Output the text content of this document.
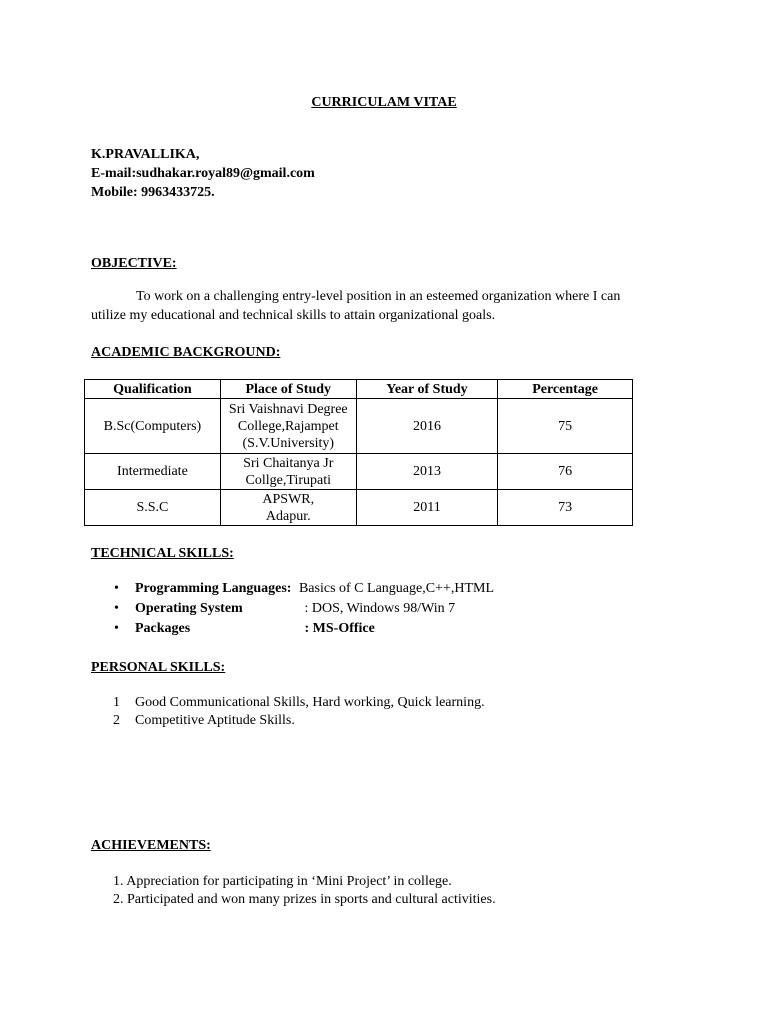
CURRICULAM VITAE
K.PRAVALLIKA,
E-mail:sudhakar.royal89@gmail.com
Mobile: 9963433725.
OBJECTIVE:
To work on a challenging entry-level position in an esteemed organization where I can
utilize my educational and technical skills to attain organizational goals.
ACADEMIC BACKGROUND:
Qualification	Place of Study	Year of Study	Percentage
B.Sc(Computers)	Sri Vaishnavi Degree
College,Rajampet
(S.V.University)	2016	75
Intermediate	Sri Chaitanya Jr
Collge,Tirupati	2013	76
S.S.C	APSWR,
Adapur.	2011	73
TECHNICAL SKILLS:
• Programming Languages: Basics of C Language,C++,HTML
• Operating System	: DOS, Windows 98/Win 7
• Packages	: MS-Office
PERSONAL SKILLS:
1 Good Communicational Skills, Hard working, Quick learning.
2 Competitive Aptitude Skills.
ACHIEVEMENTS:
1. Appreciation for participating in ‘Mini Project’ in college.
2. Participated and won many prizes in sports and cultural activities.
